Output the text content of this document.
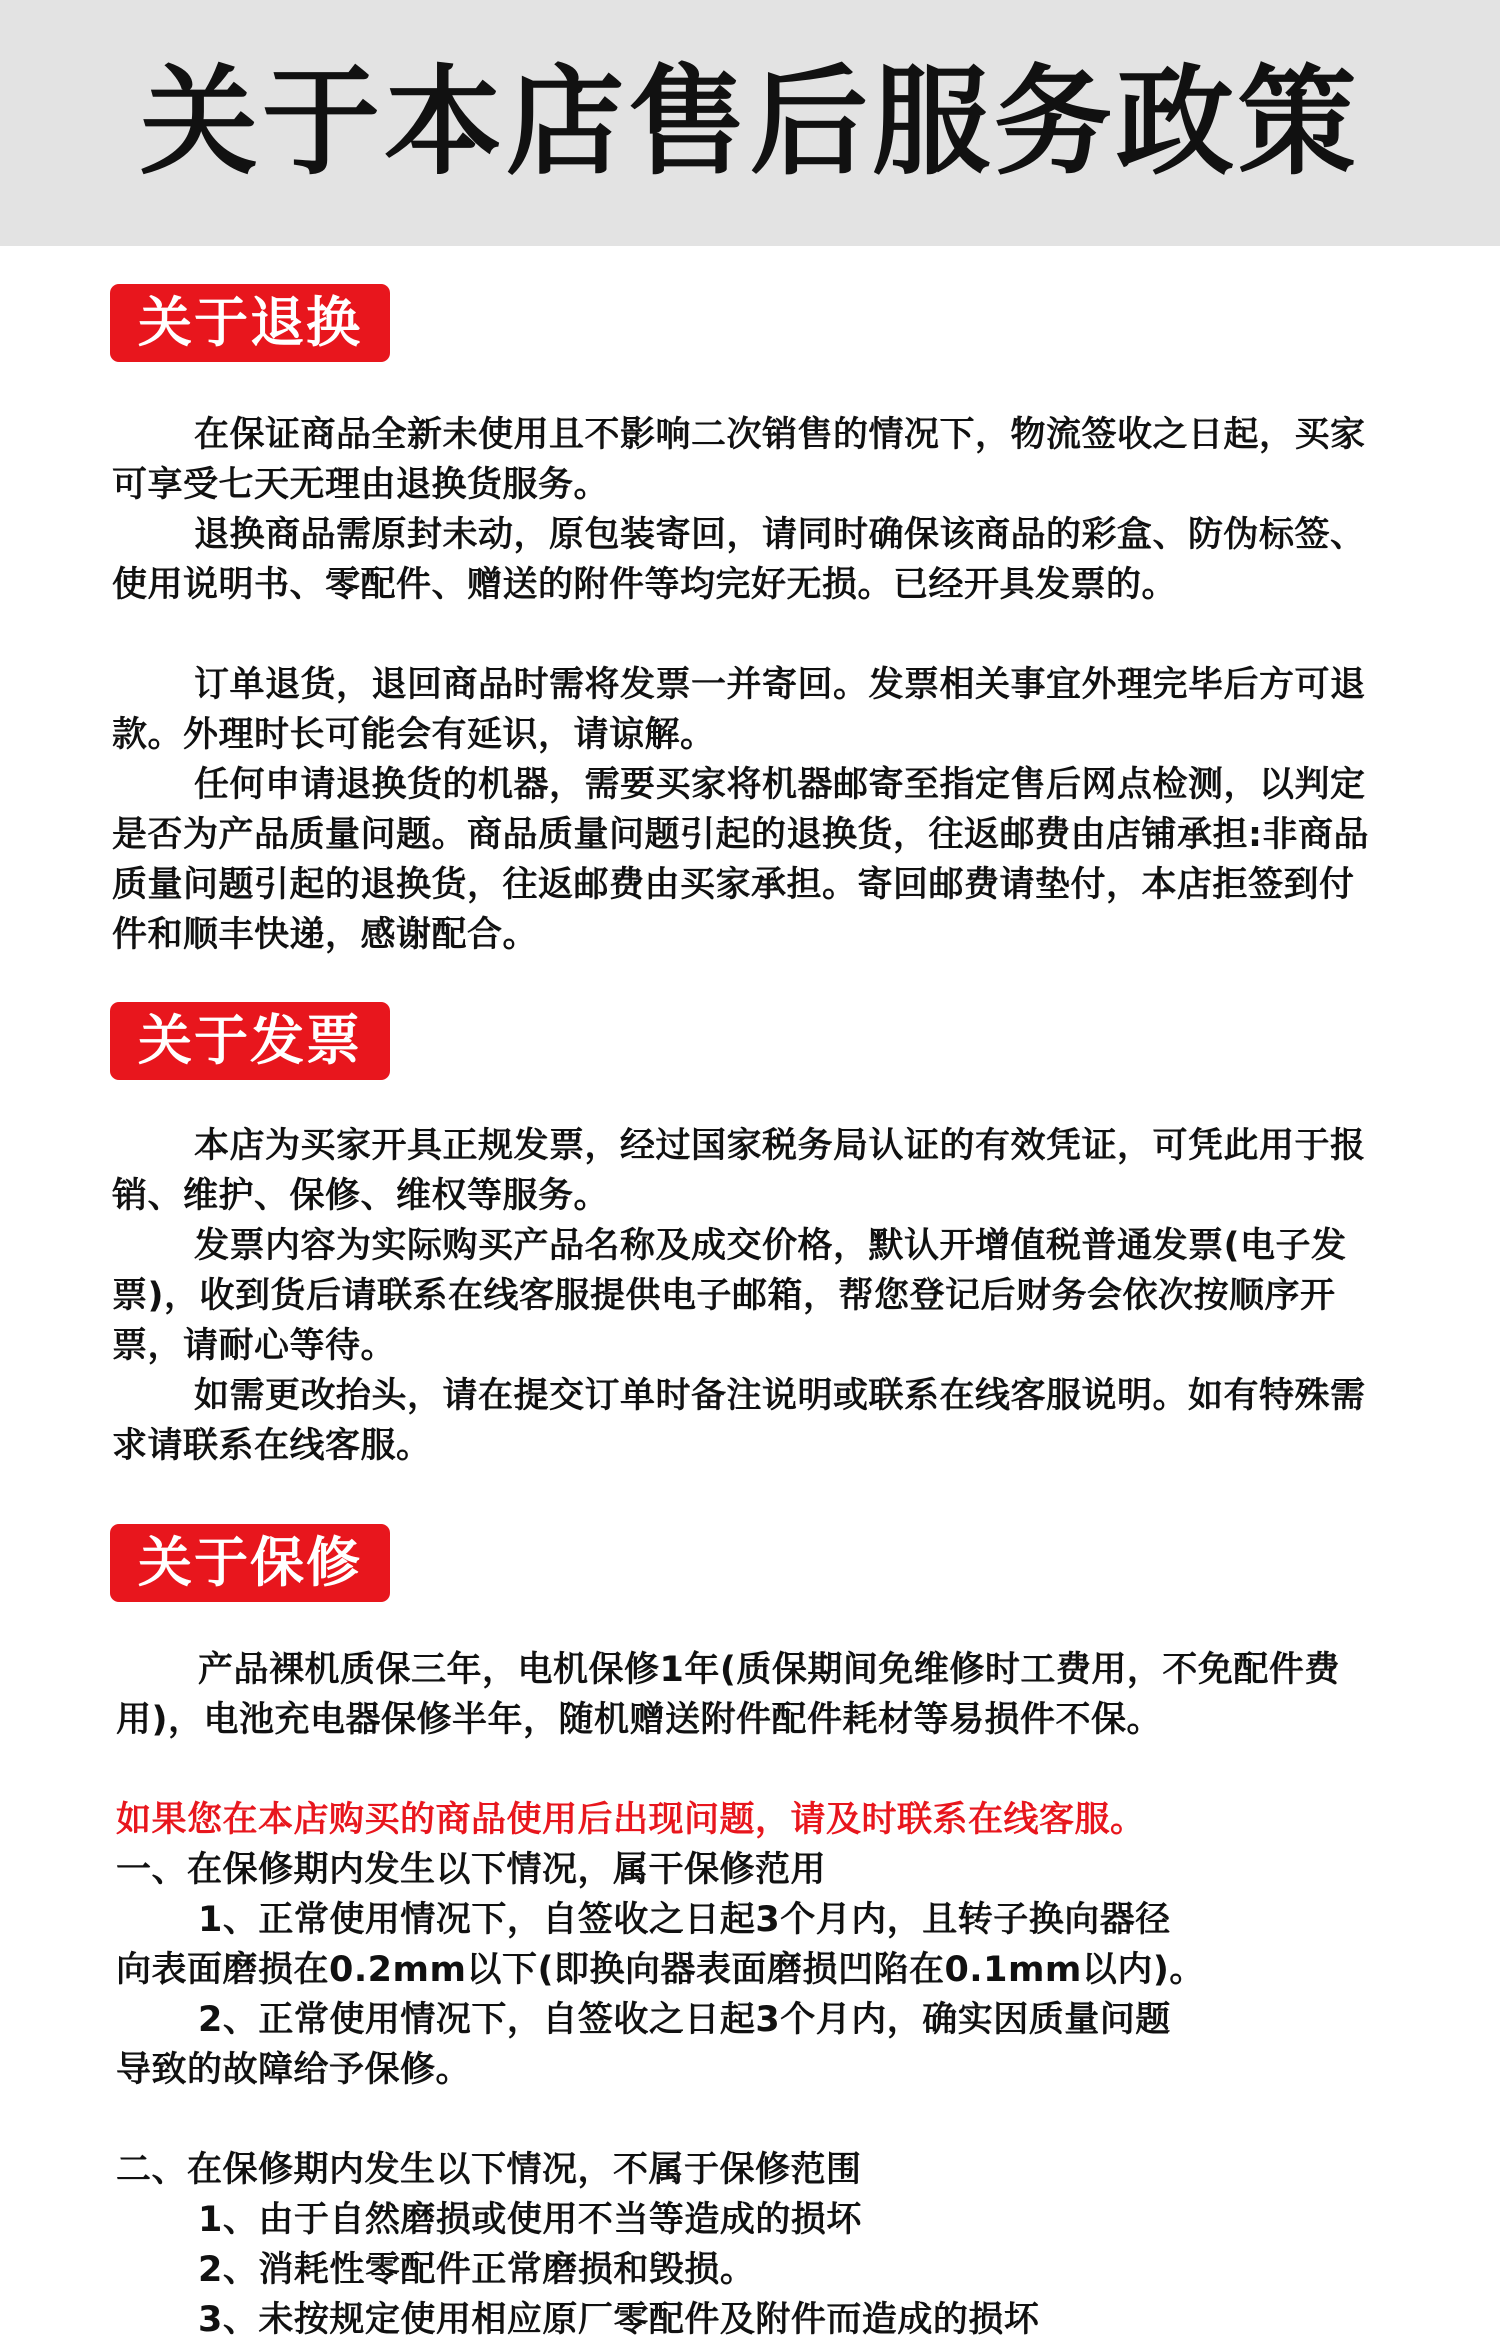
关于本店售后服务政策
关于退换
在保证商品全新未使用且不影响二次销售的情况下，物流签收之日起，买家可享受七天无理由退换货服务。
退换商品需原封未动，原包装寄回，请同时确保该商品的彩盒、防伪标签、使用说明书、零配件、赠送的附件等均完好无损。已经开具发票的。
订单退货，退回商品时需将发票一并寄回。发票相关事宜外理完毕后方可退款。外理时长可能会有延识，请谅解。
任何申请退换货的机器，需要买家将机器邮寄至指定售后网点检测，以判定是否为产品质量问题。商品质量问题引起的退换货，往返邮费由店铺承担:非商品质量问题引起的退换货，往返邮费由买家承担。寄回邮费请垫付，本店拒签到付件和顺丰快递，感谢配合。
关于发票
本店为买家开具正规发票，经过国家税务局认证的有效凭证，可凭此用于报销、维护、保修、维权等服务。
发票内容为实际购买产品名称及成交价格，默认开增值税普通发票(电子发票)，收到货后请联系在线客服提供电子邮箱，帮您登记后财务会依次按顺序开票，请耐心等待。
如需更改抬头，请在提交订单时备注说明或联系在线客服说明。如有特殊需求请联系在线客服。
关于保修
产品裸机质保三年，电机保修1年(质保期间免维修时工费用，不免配件费用)，电池充电器保修半年，随机赠送附件配件耗材等易损件不保。
如果您在本店购买的商品使用后出现问题，请及时联系在线客服。
一、在保修期内发生以下情况，属干保修范用
1、正常使用情况下，自签收之日起3个月内，且转子换向器径
向表面磨损在0.2mm以下(即换向器表面磨损凹陷在0.1mm以内)。
2、正常使用情况下，自签收之日起3个月内，确实因质量问题
导致的故障给予保修。
二、在保修期内发生以下情况，不属于保修范围
1、由于自然磨损或使用不当等造成的损坏
2、消耗性零配件正常磨损和毁损。
3、未按规定使用相应原厂零配件及附件而造成的损坏
